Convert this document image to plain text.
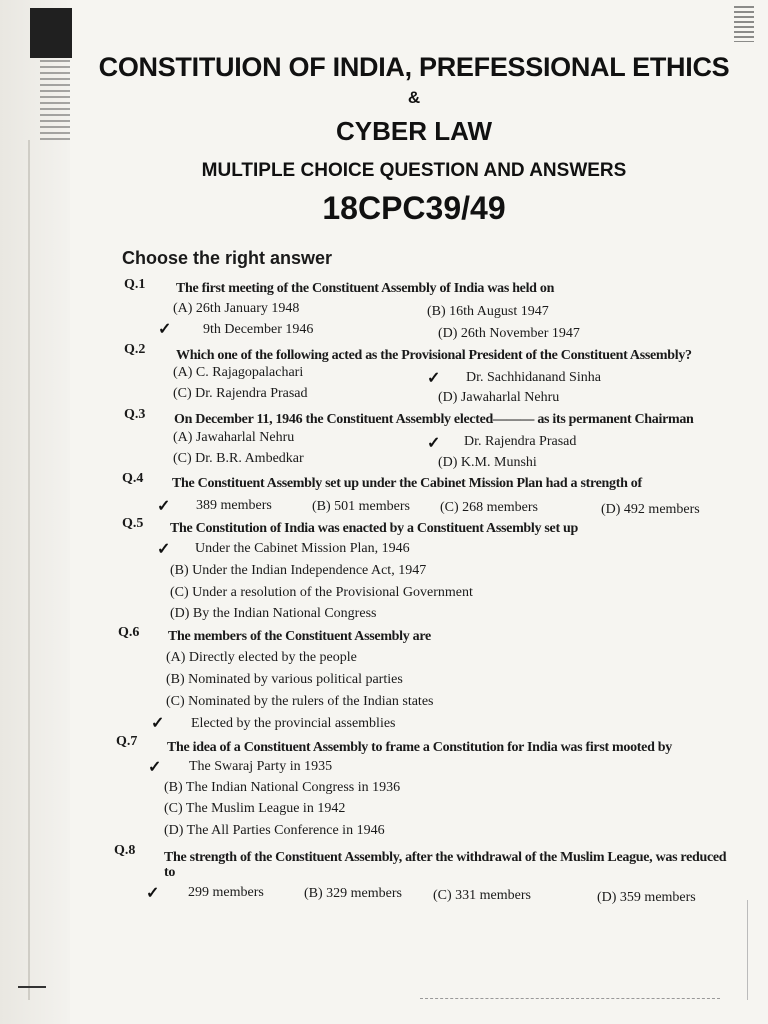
CONSTITUION OF INDIA, PREFESSIONAL ETHICS
&
CYBER LAW
MULTIPLE CHOICE QUESTION AND ANSWERS
18CPC39/49
Choose the right answer
Q.1 The first meeting of the Constituent Assembly of India was held on
(A) 26th January 1948	(B) 16th August 1947
✓ 9th December 1946	(D) 26th November 1947
Q.2 Which one of the following acted as the Provisional President of the Constituent Assembly?
(A) C. Rajagopalachari	✓ Dr. Sachhidanand Sinha
(C) Dr. Rajendra Prasad	(D) Jawaharlal Nehru
Q.3 On December 11, 1946 the Constituent Assembly elected——— as its permanent Chairman
(A) Jawaharlal Nehru	✓ Dr. Rajendra Prasad
(C) Dr. B.R. Ambedkar	(D) K.M. Munshi
Q.4 The Constituent Assembly set up under the Cabinet Mission Plan had a strength of
✓ 389 members	(B) 501 members (C) 268 members	(D) 492 members
Q.5 The Constitution of India was enacted by a Constituent Assembly set up
✓ Under the Cabinet Mission Plan, 1946
(B) Under the Indian Independence Act, 1947
(C) Under a resolution of the Provisional Government
(D) By the Indian National Congress
Q.6 The members of the Constituent Assembly are
(A) Directly elected by the people
(B) Nominated by various political parties
(C) Nominated by the rulers of the Indian states
✓ Elected by the provincial assemblies
Q.7 The idea of a Constituent Assembly to frame a Constitution for India was first mooted by
✓ The Swaraj Party in 1935
(B) The Indian National Congress in 1936
(C) The Muslim League in 1942
(D) The All Parties Conference in 1946
Q.8 The strength of the Constituent Assembly, after the withdrawal of the Muslim League, was reduced
to
✓ 299 members	(B) 329 members (C) 331 members	(D) 359 members
